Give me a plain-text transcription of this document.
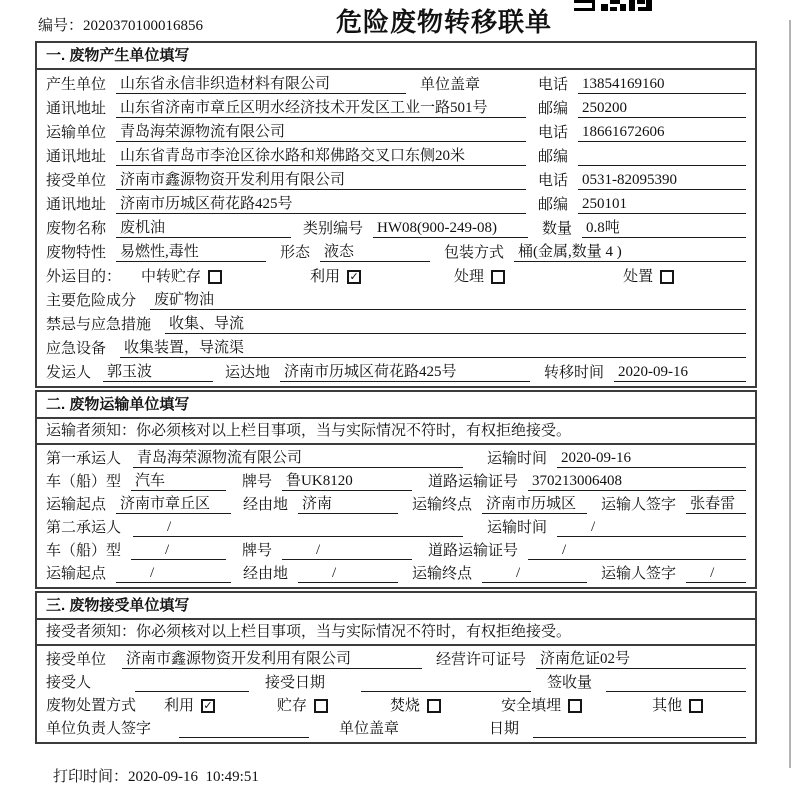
编号：2020370100016856	危险废物转移联单
一. 废物产生单位填写
产生单位 山东省永信非织造材料有限公司	单位盖章	电话 13854169160
通讯地址 山东省济南市章丘区明水经济技术开发区工业一路501号	邮编 250200
运输单位 青岛海荣源物流有限公司	电话 18661672606
通讯地址 山东省青岛市李沧区徐水路和郑佛路交叉口东侧20米	邮编
接受单位 济南市鑫源物资开发利用有限公司	电话 0531-82095390
通讯地址 济南市历城区荷花路425号	邮编 250101
废物名称 废机油	类别编号 HW08(900-249-08)	数量 0.8吨
废物特性 易燃性,毒性	形态 液态	包装方式 桶(金属,数量 4 )
外运目的： 中转贮存	利用 ✓	处理	处置
主要危险成分 废矿物油
禁忌与应急措施 收集、导流
应急设备 收集装置，导流渠
发运人 郭玉波	运达地 济南市历城区荷花路425号	转移时间 2020-09-16
二. 废物运输单位填写
运输者须知：你必须核对以上栏目事项，当与实际情况不符时，有权拒绝接受。
第一承运人 青岛海荣源物流有限公司	运输时间 2020-09-16
车（船）型 汽车	牌号 鲁UK8120	道路运输证号 370213006408
运输起点 济南市章丘区	经由地 济南	运输终点 济南市历城区	运输人签字 张春雷
第二承运人	/	运输时间	/
车（船）型	/	牌号	/	道路运输证号	/
运输起点	/	经由地	/	运输终点	/	运输人签字	/
三. 废物接受单位填写
接受者须知：你必须核对以上栏目事项，当与实际情况不符时，有权拒绝接受。
接受单位 济南市鑫源物资开发利用有限公司	经营许可证号 济南危证02号
接受人	接受日期	签收量
废物处置方式 利用 ✓	贮存	焚烧	安全填埋	其他
单位负责人签字	单位盖章	日期

打印时间：2020-09-16  10:49:51
